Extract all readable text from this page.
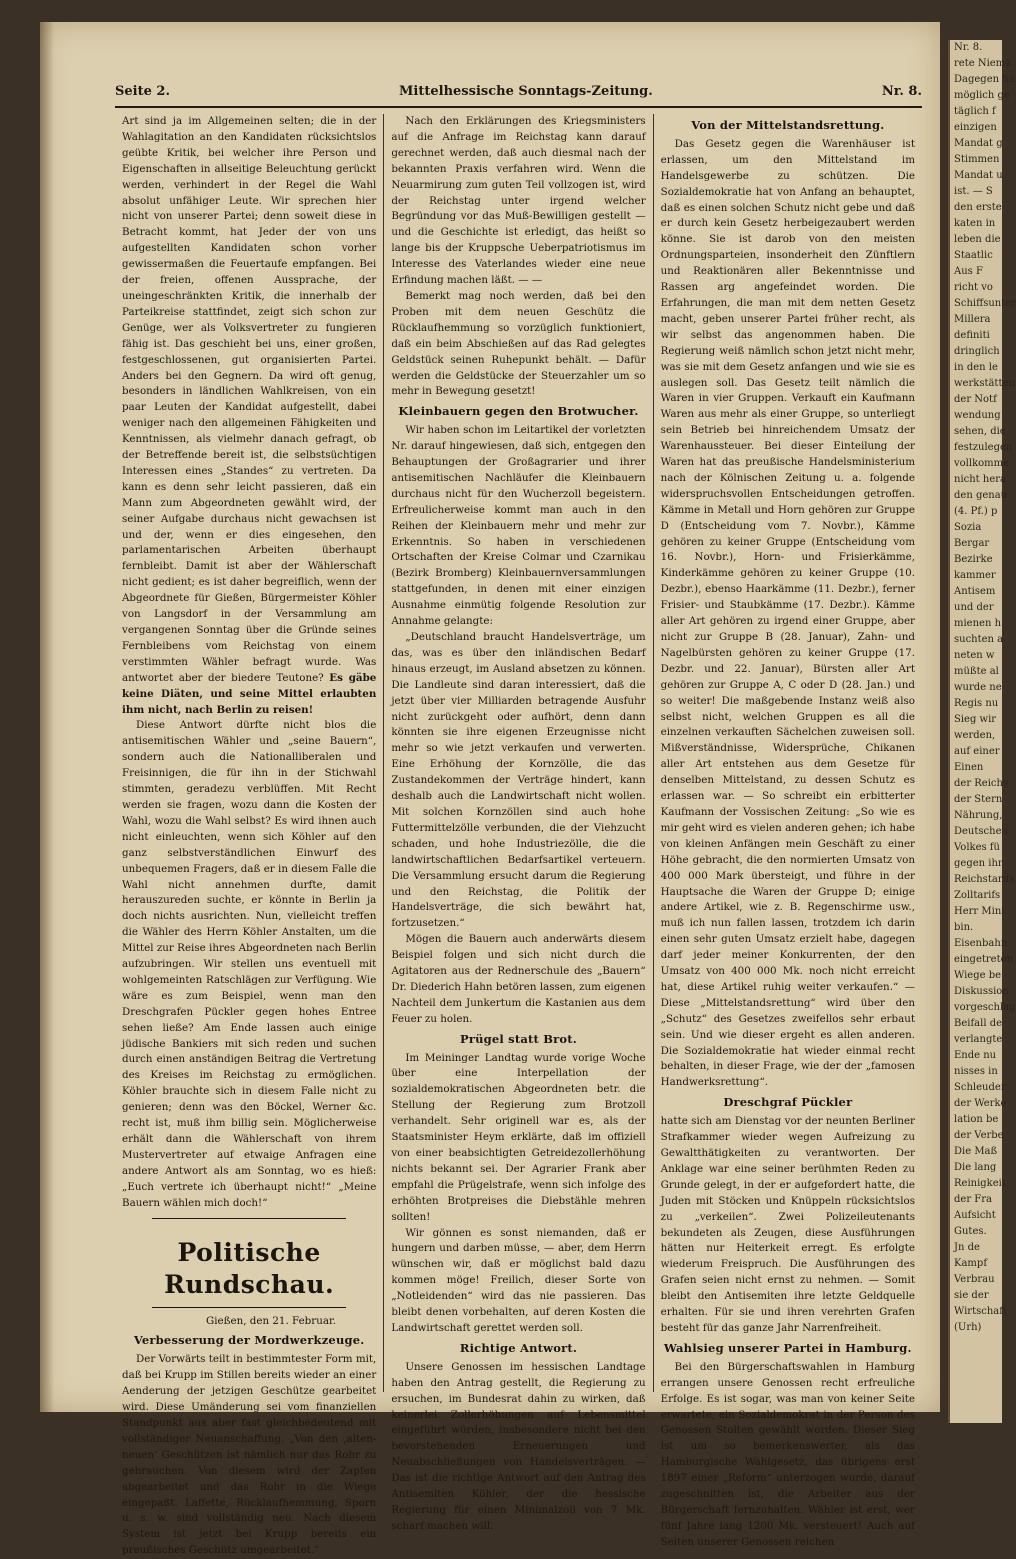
Seite 2.	Mittelhessische Sonntags-Zeitung.	Nr. 8.

Art sind ja im Allgemeinen selten; die in der Wahlagitation an den Kandidaten rücksichtslos geübte Kritik, bei welcher ihre Person und Eigenschaften in allseitige Beleuchtung gerückt werden, verhindert in der Regel die Wahl absolut unfähiger Leute. Wir sprechen hier nicht von unserer Partei; denn soweit diese in Betracht kommt, hat Jeder der von uns aufgestellten Kandidaten schon vorher gewissermaßen die Feuertaufe empfangen. Bei der freien, offenen Aussprache, der uneingeschränkten Kritik, die innerhalb der Parteikreise stattfindet, zeigt sich schon zur Genüge, wer als Volksvertreter zu fungieren fähig ist. Das geschieht bei uns, einer großen, festgeschlossenen, gut organisierten Partei. Anders bei den Gegnern. Da wird oft genug, besonders in ländlichen Wahlkreisen, von ein paar Leuten der Kandidat aufgestellt, dabei weniger nach den allgemeinen Fähigkeiten und Kenntnissen, als vielmehr danach gefragt, ob der Betreffende bereit ist, die selbstsüchtigen Interessen eines „Standes“ zu vertreten. Da kann es denn sehr leicht passieren, daß ein Mann zum Abgeordneten gewählt wird, der seiner Aufgabe durchaus nicht gewachsen ist und der, wenn er dies eingesehen, den parlamentarischen Arbeiten überhaupt fernbleibt. Damit ist aber der Wählerschaft nicht gedient; es ist daher begreiflich, wenn der Abgeordnete für Gießen, Bürgermeister Köhler von Langsdorf in der Versammlung am vergangenen Sonntag über die Gründe seines Fernbleibens vom Reichstag von einem verstimmten Wähler befragt wurde. Was antwortet aber der biedere Teutone? Es gäbe keine Diäten, und seine Mittel erlaubten ihm nicht, nach Berlin zu reisen!

Diese Antwort dürfte nicht blos die antisemitischen Wähler und „seine Bauern“, sondern auch die Nationalliberalen und Freisinnigen, die für ihn in der Stichwahl stimmten, geradezu verblüffen. Mit Recht werden sie fragen, wozu dann die Kosten der Wahl, wozu die Wahl selbst? Es wird ihnen auch nicht einleuchten, wenn sich Köhler auf den ganz selbstverständlichen Einwurf des unbequemen Fragers, daß er in diesem Falle die Wahl nicht annehmen durfte, damit herauszureden suchte, er könnte in Berlin ja doch nichts ausrichten. Nun, vielleicht treffen die Wähler des Herrn Köhler Anstalten, um die Mittel zur Reise ihres Abgeordneten nach Berlin aufzubringen. Wir stellen uns eventuell mit wohlgemeinten Ratschlägen zur Verfügung. Wie wäre es zum Beispiel, wenn man den Dreschgrafen Pückler gegen hohes Entree sehen ließe? Am Ende lassen auch einige jüdische Bankiers mit sich reden und suchen durch einen anständigen Beitrag die Vertretung des Kreises im Reichstag zu ermöglichen. Köhler brauchte sich in diesem Falle nicht zu genieren; denn was den Böckel, Werner &c. recht ist, muß ihm billig sein. Möglicherweise erhält dann die Wählerschaft von ihrem Mustervertreter auf etwaige Anfragen eine andere Antwort als am Sonntag, wo es hieß: „Euch vertrete ich überhaupt nicht!“ „Meine Bauern wählen mich doch!“

Politische Rundschau.

Gießen, den 21. Februar.

Verbesserung der Mordwerkzeuge.

Der Vorwärts teilt in bestimmtester Form mit, daß bei Krupp im Stillen bereits wieder an einer Aenderung der jetzigen Geschütze gearbeitet wird. Diese Umänderung sei vom finanziellen Standpunkt aus aber fast gleichbedeutend mit vollständiger Neuanschaffung. „Von den ‚alten-neuen‘ Geschützen ist nämlich nur das Rohr zu gebrauchen. Von diesem wird der Zapfen abgearbeitet und das Rohr in die Wiege eingepaßt. Laffette, Rücklaufhemmung, Sporn u. s. w. sind vollständig neu. Nach diesem System ist jetzt bei Krupp bereits ein preußisches Geschütz umgearbeitet.“

Nach den Erklärungen des Kriegsministers auf die Anfrage im Reichstag kann darauf gerechnet werden, daß auch diesmal nach der bekannten Praxis verfahren wird. Wenn die Neuarmirung zum guten Teil vollzogen ist, wird der Reichstag unter irgend welcher Begründung vor das Muß-Bewilligen gestellt — und die Geschichte ist erledigt, das heißt so lange bis der Kruppsche Ueberpatriotismus im Interesse des Vaterlandes wieder eine neue Erfindung machen läßt. — —

Bemerkt mag noch werden, daß bei den Proben mit dem neuen Geschütz die Rücklaufhemmung so vorzüglich funktioniert, daß ein beim Abschießen auf das Rad gelegtes Geldstück seinen Ruhepunkt behält. — Dafür werden die Geldstücke der Steuerzahler um so mehr in Bewegung gesetzt!

Kleinbauern gegen den Brotwucher.

Wir haben schon im Leitartikel der vorletzten Nr. darauf hingewiesen, daß sich, entgegen den Behauptungen der Großagrarier und ihrer antisemitischen Nachläufer die Kleinbauern durchaus nicht für den Wucherzoll begeistern. Erfreulicherweise kommt man auch in den Reihen der Kleinbauern mehr und mehr zur Erkenntnis. So haben in verschiedenen Ortschaften der Kreise Colmar und Czarnikau (Bezirk Bromberg) Kleinbauernversammlungen stattgefunden, in denen mit einer einzigen Ausnahme einmütig folgende Resolution zur Annahme gelangte:

„Deutschland braucht Handelsverträge, um das, was es über den inländischen Bedarf hinaus erzeugt, im Ausland absetzen zu können. Die Landleute sind daran interessiert, daß die jetzt über vier Milliarden betragende Ausfuhr nicht zurückgeht oder aufhört, denn dann könnten sie ihre eigenen Erzeugnisse nicht mehr so wie jetzt verkaufen und verwerten. Eine Erhöhung der Kornzölle, die das Zustandekommen der Verträge hindert, kann deshalb auch die Landwirtschaft nicht wollen. Mit solchen Kornzöllen sind auch hohe Futtermittelzölle verbunden, die der Viehzucht schaden, und hohe Industriezölle, die die landwirtschaftlichen Bedarfsartikel verteuern. Die Versammlung ersucht darum die Regierung und den Reichstag, die Politik der Handelsverträge, die sich bewährt hat, fortzusetzen.“

Mögen die Bauern auch anderwärts diesem Beispiel folgen und sich nicht durch die Agitatoren aus der Rednerschule des „Bauern“ Dr. Diederich Hahn betören lassen, zum eigenen Nachteil dem Junkertum die Kastanien aus dem Feuer zu holen.

Prügel statt Brot.

Im Meininger Landtag wurde vorige Woche über eine Interpellation der sozialdemokratischen Abgeordneten betr. die Stellung der Regierung zum Brotzoll verhandelt. Sehr originell war es, als der Staatsminister Heym erklärte, daß im offiziell von einer beabsichtigten Getreidezollerhöhung nichts bekannt sei. Der Agrarier Frank aber empfahl die Prügelstrafe, wenn sich infolge des erhöhten Brotpreises die Diebstähle mehren sollten!

Wir gönnen es sonst niemanden, daß er hungern und darben müsse, — aber, dem Herrn wünschen wir, daß er möglichst bald dazu kommen möge! Freilich, dieser Sorte von „Notleidenden“ wird das nie passieren. Das bleibt denen vorbehalten, auf deren Kosten die Landwirtschaft gerettet werden soll.

Richtige Antwort.

Unsere Genossen im hessischen Landtage haben den Antrag gestellt, die Regierung zu ersuchen, im Bundesrat dahin zu wirken, daß keinerlei Zollerhöhungen auf Lebensmittel eingeführt würden, insbesondere nicht bei den bevorstehenden Erneuerungen und Neuabschließungen von Handelsverträgen. — Das ist die richtige Antwort auf den Antrag des Antisemiten Köhler, der die hessische Regierung für einen Minimalzoll von 7 Mk. scharf machen will.

Von der Mittelstandsrettung.

Das Gesetz gegen die Warenhäuser ist erlassen, um den Mittelstand im Handelsgewerbe zu schützen. Die Sozialdemokratie hat von Anfang an behauptet, daß es einen solchen Schutz nicht gebe und daß er durch kein Gesetz herbeigezaubert werden könne. Sie ist darob von den meisten Ordnungsparteien, insonderheit den Zünftlern und Reaktionären aller Bekenntnisse und Rassen arg angefeindet worden. Die Erfahrungen, die man mit dem netten Gesetz macht, geben unserer Partei früher recht, als wir selbst das angenommen haben. Die Regierung weiß nämlich schon jetzt nicht mehr, was sie mit dem Gesetz anfangen und wie sie es auslegen soll. Das Gesetz teilt nämlich die Waren in vier Gruppen. Verkauft ein Kaufmann Waren aus mehr als einer Gruppe, so unterliegt sein Betrieb bei hinreichendem Umsatz der Warenhaussteuer. Bei dieser Einteilung der Waren hat das preußische Handelsministerium nach der Kölnischen Zeitung u. a. folgende widerspruchsvollen Entscheidungen getroffen. Kämme in Metall und Horn gehören zur Gruppe D (Entscheidung vom 7. Novbr.), Kämme gehören zu keiner Gruppe (Entscheidung vom 16. Novbr.), Horn- und Frisierkämme, Kinderkämme gehören zu keiner Gruppe (10. Dezbr.), ebenso Haarkämme (11. Dezbr.), ferner Frisier- und Staubkämme (17. Dezbr.). Kämme aller Art gehören zu irgend einer Gruppe, aber nicht zur Gruppe B (28. Januar), Zahn- und Nagelbürsten gehören zu keiner Gruppe (17. Dezbr. und 22. Januar), Bürsten aller Art gehören zur Gruppe A, C oder D (28. Jan.) und so weiter! Die maßgebende Instanz weiß also selbst nicht, welchen Gruppen es all die einzelnen verkauften Sächelchen zuweisen soll. Mißverständnisse, Widersprüche, Chikanen aller Art entstehen aus dem Gesetze für denselben Mittelstand, zu dessen Schutz es erlassen war. — So schreibt ein erbitterter Kaufmann der Vossischen Zeitung: „So wie es mir geht wird es vielen anderen gehen; ich habe von kleinen Anfängen mein Geschäft zu einer Höhe gebracht, die den normierten Umsatz von 400 000 Mark übersteigt, und führe in der Hauptsache die Waren der Gruppe D; einige andere Artikel, wie z. B. Regenschirme usw., muß ich nun fallen lassen, trotzdem ich darin einen sehr guten Umsatz erzielt habe, dagegen darf jeder meiner Konkurrenten, der den Umsatz von 400 000 Mk. noch nicht erreicht hat, diese Artikel ruhig weiter verkaufen.“ — Diese „Mittelstandsrettung“ wird über den „Schutz“ des Gesetzes zweifellos sehr erbaut sein. Und wie dieser ergeht es allen anderen. Die Sozialdemokratie hat wieder einmal recht behalten, in dieser Frage, wie der der „famosen Handwerksrettung“.

Dreschgraf Pückler

hatte sich am Dienstag vor der neunten Berliner Strafkammer wieder wegen Aufreizung zu Gewaltthätigkeiten zu verantworten. Der Anklage war eine seiner berühmten Reden zu Grunde gelegt, in der er aufgefordert hatte, die Juden mit Stöcken und Knüppeln rücksichtslos zu „verkeilen“. Zwei Polizeileutenants bekundeten als Zeugen, diese Ausführungen hätten nur Heiterkeit erregt. Es erfolgte wiederum Freispruch. Die Ausführungen des Grafen seien nicht ernst zu nehmen. — Somit bleibt den Antisemiten ihre letzte Geldquelle erhalten. Für sie und ihren verehrten Grafen besteht für das ganze Jahr Narrenfreiheit.

Wahlsieg unserer Partei in Hamburg.

Bei den Bürgerschaftswahlen in Hamburg errangen unsere Genossen recht erfreuliche Erfolge. Es ist sogar, was man von keiner Seite erwartete, ein Sozialdemokrat in der Person des Genossen Stolten gewählt worden. Dieser Sieg ist um so bemerkenswerter, als das Hamburgische Wahlgesetz, das übrigens erst 1897 einer „Reform“ unterzogen wurde, darauf zugeschnitten ist, die Arbeiter aus der Bürgerschaft fernzuhalten. Wähler ist erst, wer fünf Jahre lang 1200 Mk. versteuert! Auch auf Seiten unserer Genossen reichen

Nr. 8.
rete Niema
Dagegen ha
möglich ge
täglich f
einzigen
Mandat g
Stimmen
Mandat u
ist. — S
den erste
katen in
leben die
Staatlic
Aus F
richt vo
Schiffsunter
Millera
definiti
dringlich
in den le
werkstätten
der Notf
wendung
sehen, die
festzulegen
vollkomme
nicht hera
den genau
(4. Pf.) p
Sozia
Bergar
Bezirke
kammer
Antisem
und der
mienen h
suchten a
neten w
müßte al
wurde ne
Regis nu
Sieg wir
werden,
auf einer
Einen
der Reichs
der Stern
Nährung,
Deutschen
Volkes fü
gegen ihr
Reichstarifs
Zolltarifs
Herr Mini
bin.
Eisenbahn
eingetreten
Wiege be
Diskussion
vorgeschlag
Beifall de
verlangte
Ende nu
nisses in
Schleuder
der Werke
lation be
der Verbe
Die Maß
Die lang
Reinigkeit
der Fra
Aufsicht
Gutes.
Jn de
Kampf
Verbrau
sie der
Wirtschaft
(Urh)
